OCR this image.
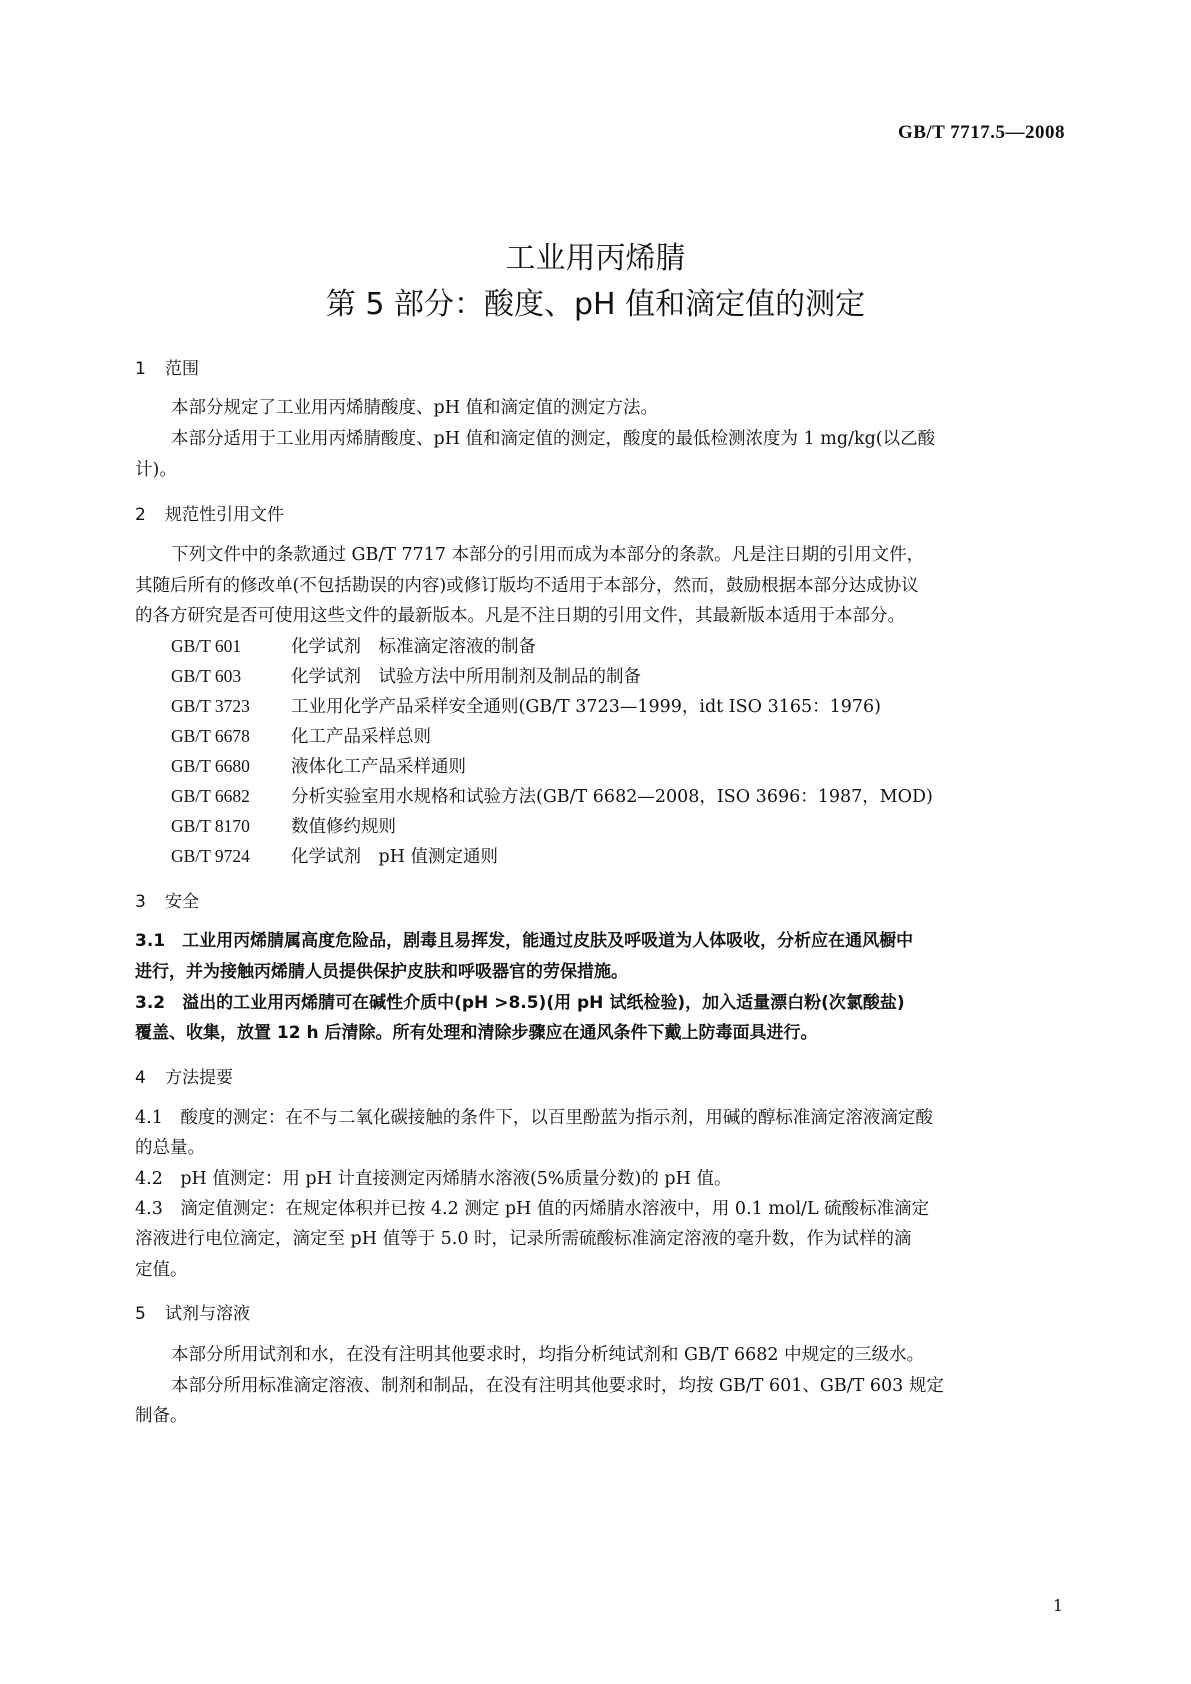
GB/T 7717.5—2008
工业用丙烯腈
第 5 部分：酸度、pH 值和滴定值的测定
1 范围
本部分规定了工业用丙烯腈酸度、pH 值和滴定值的测定方法。
本部分适用于工业用丙烯腈酸度、pH 值和滴定值的测定，酸度的最低检测浓度为 1 mg/kg(以乙酸
计)。
2 规范性引用文件
下列文件中的条款通过 GB/T 7717 本部分的引用而成为本部分的条款。凡是注日期的引用文件，
其随后所有的修改单(不包括勘误的内容)或修订版均不适用于本部分，然而，鼓励根据本部分达成协议
的各方研究是否可使用这些文件的最新版本。凡是不注日期的引用文件，其最新版本适用于本部分。
GB/T 601	化学试剂　标准滴定溶液的制备
GB/T 603	化学试剂　试验方法中所用制剂及制品的制备
GB/T 3723 工业用化学产品采样安全通则(GB/T 3723—1999，idt ISO 3165：1976)
GB/T 6678 化工产品采样总则
GB/T 6680 液体化工产品采样通则
GB/T 6682 分析实验室用水规格和试验方法(GB/T 6682—2008，ISO 3696：1987，MOD)
GB/T 8170 数值修约规则
GB/T 9724 化学试剂　pH 值测定通则
3 安全
3.1　工业用丙烯腈属高度危险品，剧毒且易挥发，能通过皮肤及呼吸道为人体吸收，分析应在通风橱中
进行，并为接触丙烯腈人员提供保护皮肤和呼吸器官的劳保措施。
3.2　溢出的工业用丙烯腈可在碱性介质中(pH >8.5)(用 pH 试纸检验)，加入适量漂白粉(次氯酸盐)
覆盖、收集，放置 12 h 后清除。所有处理和清除步骤应在通风条件下戴上防毒面具进行。
4 方法提要
4.1　酸度的测定：在不与二氧化碳接触的条件下，以百里酚蓝为指示剂，用碱的醇标准滴定溶液滴定酸
的总量。
4.2　pH 值测定：用 pH 计直接测定丙烯腈水溶液(5%质量分数)的 pH 值。
4.3　滴定值测定：在规定体积并已按 4.2 测定 pH 值的丙烯腈水溶液中，用 0.1 mol/L 硫酸标准滴定
溶液进行电位滴定，滴定至 pH 值等于 5.0 时，记录所需硫酸标准滴定溶液的毫升数，作为试样的滴
定值。
5 试剂与溶液
本部分所用试剂和水，在没有注明其他要求时，均指分析纯试剂和 GB/T 6682 中规定的三级水。
本部分所用标准滴定溶液、制剂和制品，在没有注明其他要求时，均按 GB/T 601、GB/T 603 规定
制备。
1
